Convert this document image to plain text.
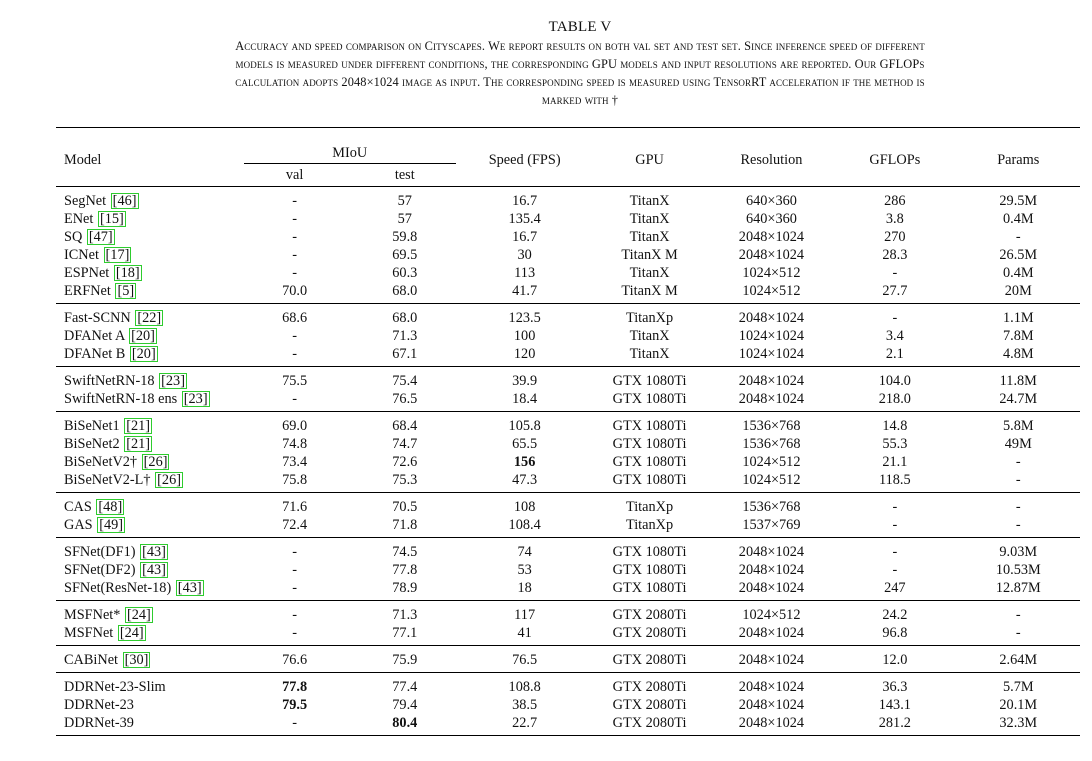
TABLE V
Accuracy and speed comparison on Cityscapes. We report results on both val set and test set. Since inference speed of different
models is measured under different conditions, the corresponding GPU models and input resolutions are reported. Our GFLOPs
calculation adopts 2048×1024 image as input. The corresponding speed is measured using TensorRT acceleration if the method is
marked with †
Model	MIoU		Speed (FPS)	GPU	Resolution	GFLOPs	Params
	val	test					
SegNet [46]	-	57	16.7	TitanX	640×360	286	29.5M
ENet [15]	-	57	135.4	TitanX	640×360	3.8	0.4M
SQ [47]	-	59.8	16.7	TitanX	2048×1024	270	-
ICNet [17]	-	69.5	30	TitanX M	2048×1024	28.3	26.5M
ESPNet [18]	-	60.3	113	TitanX	1024×512	-	0.4M
ERFNet [5]	70.0	68.0	41.7	TitanX M	1024×512	27.7	20M
Fast-SCNN [22]	68.6	68.0	123.5	TitanXp	2048×1024	-	1.1M
DFANet A [20]	-	71.3	100	TitanX	1024×1024	3.4	7.8M
DFANet B [20]	-	67.1	120	TitanX	1024×1024	2.1	4.8M
SwiftNetRN-18 [23]	75.5	75.4	39.9	GTX 1080Ti	2048×1024	104.0	11.8M
SwiftNetRN-18 ens [23]	-	76.5	18.4	GTX 1080Ti	2048×1024	218.0	24.7M
BiSeNet1 [21]	69.0	68.4	105.8	GTX 1080Ti	1536×768	14.8	5.8M
BiSeNet2 [21]	74.8	74.7	65.5	GTX 1080Ti	1536×768	55.3	49M
BiSeNetV2† [26]	73.4	72.6	156	GTX 1080Ti	1024×512	21.1	-
BiSeNetV2-L† [26]	75.8	75.3	47.3	GTX 1080Ti	1024×512	118.5	-
CAS [48]	71.6	70.5	108	TitanXp	1536×768	-	-
GAS [49]	72.4	71.8	108.4	TitanXp	1537×769	-	-
SFNet(DF1) [43]	-	74.5	74	GTX 1080Ti	2048×1024	-	9.03M
SFNet(DF2) [43]	-	77.8	53	GTX 1080Ti	2048×1024	-	10.53M
SFNet(ResNet-18) [43]	-	78.9	18	GTX 1080Ti	2048×1024	247	12.87M
MSFNet* [24]	-	71.3	117	GTX 2080Ti	1024×512	24.2	-
MSFNet [24]	-	77.1	41	GTX 2080Ti	2048×1024	96.8	-
CABiNet [30]	76.6	75.9	76.5	GTX 2080Ti	2048×1024	12.0	2.64M
DDRNet-23-Slim	77.8	77.4	108.8	GTX 2080Ti	2048×1024	36.3	5.7M
DDRNet-23	79.5	79.4	38.5	GTX 2080Ti	2048×1024	143.1	20.1M
DDRNet-39	-	80.4	22.7	GTX 2080Ti	2048×1024	281.2	32.3M
